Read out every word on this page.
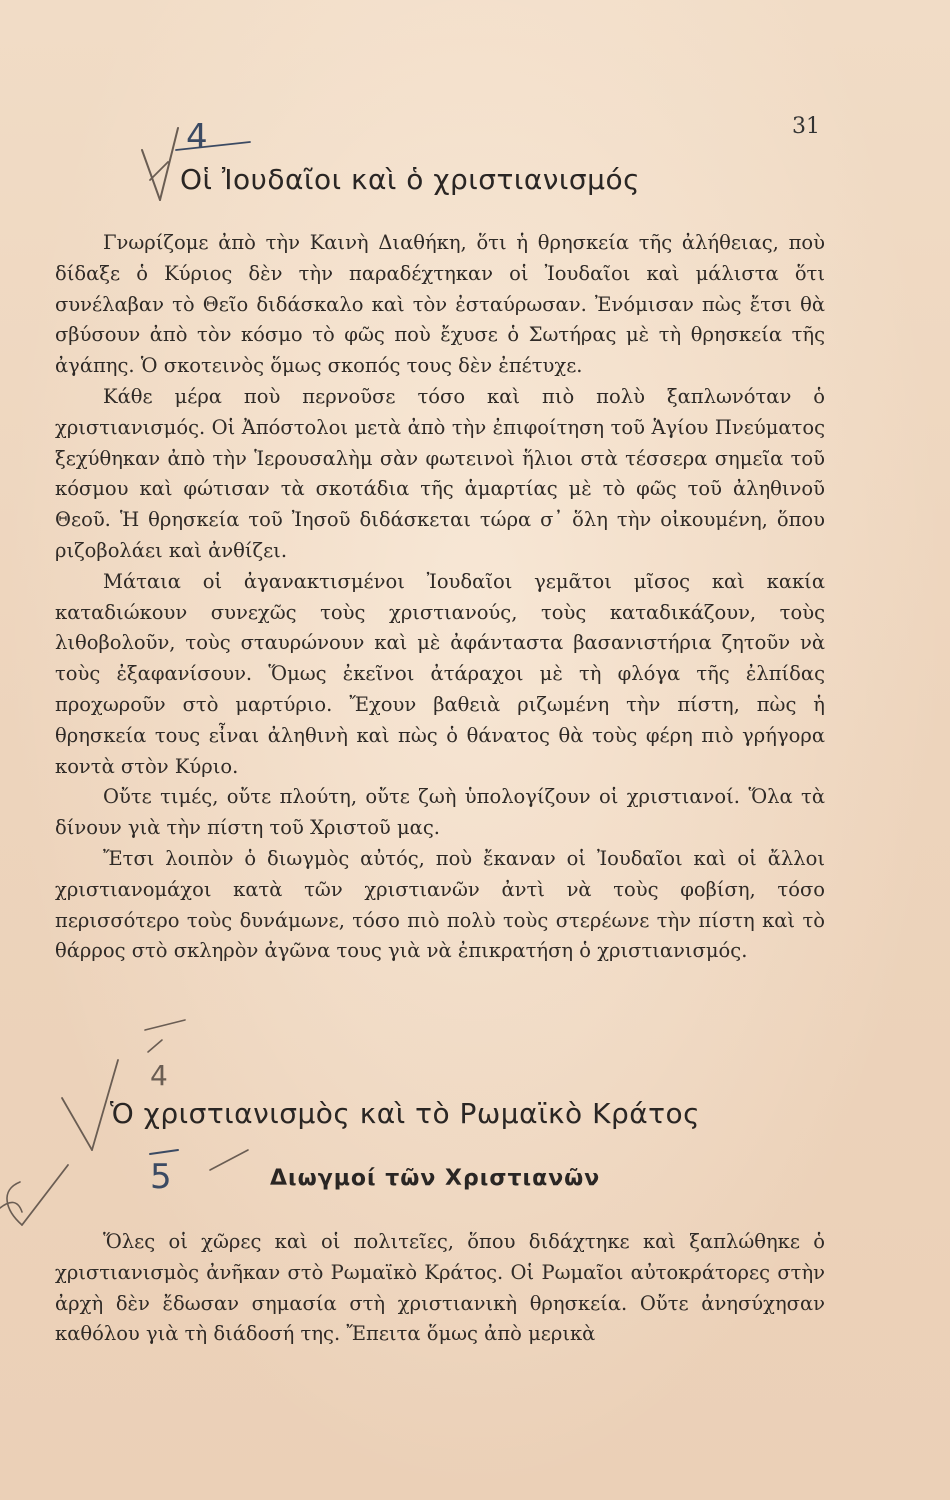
31
Οἱ Ἰουδαῖοι καὶ ὁ χριστιανισμός

Γνωρίζομε ἀπὸ τὴν Καινὴ Διαθήκη, ὅτι ἡ θρησκεία τῆς ἀλήθειας, ποὺ δίδαξε ὁ Κύριος δὲν τὴν παραδέχτηκαν οἱ Ἰουδαῖοι καὶ μάλιστα ὅτι συνέλαβαν τὸ Θεῖο διδάσκαλο καὶ τὸν ἐσταύρωσαν. Ἐνόμισαν πὼς ἔτσι θὰ σβύσουν ἀπὸ τὸν κόσμο τὸ φῶς ποὺ ἔχυσε ὁ Σωτήρας μὲ τὴ θρησκεία τῆς ἀγάπης. Ὁ σκοτεινὸς ὅμως σκοπός τους δὲν ἐπέτυχε.

Κάθε μέρα ποὺ περνοῦσε τόσο καὶ πιὸ πολὺ ξαπλωνόταν ὁ χριστιανισμός. Οἱ Ἀπόστολοι μετὰ ἀπὸ τὴν ἐπιφοίτηση τοῦ Ἁγίου Πνεύματος ξεχύθηκαν ἀπὸ τὴν Ἱερουσαλὴμ σὰν φωτεινοὶ ἥλιοι στὰ τέσσερα σημεῖα τοῦ κόσμου καὶ φώτισαν τὰ σκοτάδια τῆς ἁμαρτίας μὲ τὸ φῶς τοῦ ἀληθινοῦ Θεοῦ. Ἡ θρησκεία τοῦ Ἰησοῦ διδάσκεται τώρα σ᾿ ὅλη τὴν οἰκουμένη, ὅπου ριζοβολάει καὶ ἀνθίζει.

Μάταια οἱ ἀγανακτισμένοι Ἰουδαῖοι γεμᾶτοι μῖσος καὶ κακία καταδιώκουν συνεχῶς τοὺς χριστιανούς, τοὺς καταδικάζουν, τοὺς λιθοβολοῦν, τοὺς σταυρώνουν καὶ μὲ ἀφάνταστα βασανιστήρια ζητοῦν νὰ τοὺς ἐξαφανίσουν. Ὅμως ἐκεῖνοι ἀτάραχοι μὲ τὴ φλόγα τῆς ἐλπίδας προχωροῦν στὸ μαρτύριο. Ἔχουν βαθειὰ ριζωμένη τὴν πίστη, πὼς ἡ θρησκεία τους εἶναι ἀληθινὴ καὶ πὼς ὁ θάνατος θὰ τοὺς φέρη πιὸ γρήγορα κοντὰ στὸν Κύριο.

Οὔτε τιμές, οὔτε πλούτη, οὔτε ζωὴ ὑπολογίζουν οἱ χριστιανοί. Ὅλα τὰ δίνουν γιὰ τὴν πίστη τοῦ Χριστοῦ μας.

Ἔτσι λοιπὸν ὁ διωγμὸς αὐτός, ποὺ ἔκαναν οἱ Ἰουδαῖοι καὶ οἱ ἄλλοι χριστιανομάχοι κατὰ τῶν χριστιανῶν ἀντὶ νὰ τοὺς φοβίση, τόσο περισσότερο τοὺς δυνάμωνε, τόσο πιὸ πολὺ τοὺς στερέωνε τὴν πίστη καὶ τὸ θάρρος στὸ σκληρὸν ἀγῶνα τους γιὰ νὰ ἐπικρατήση ὁ χριστιανισμός.

Ὁ χριστιανισμὸς καὶ τὸ Ρωμαϊκὸ Κράτος
Διωγμοί τῶν Χριστιανῶν

Ὅλες οἱ χῶρες καὶ οἱ πολιτεῖες, ὅπου διδάχτηκε καὶ ξαπλώθηκε ὁ χριστιανισμὸς ἀνῆκαν στὸ Ρωμαϊκὸ Κράτος. Οἱ Ρωμαῖοι αὐτοκράτορες στὴν ἀρχὴ δὲν ἔδωσαν σημασία στὴ χριστιανικὴ θρησκεία. Οὔτε ἀνησύχησαν καθόλου γιὰ τὴ διάδοσή της. Ἔπειτα ὅμως ἀπὸ μερικὰ

4
4
5
